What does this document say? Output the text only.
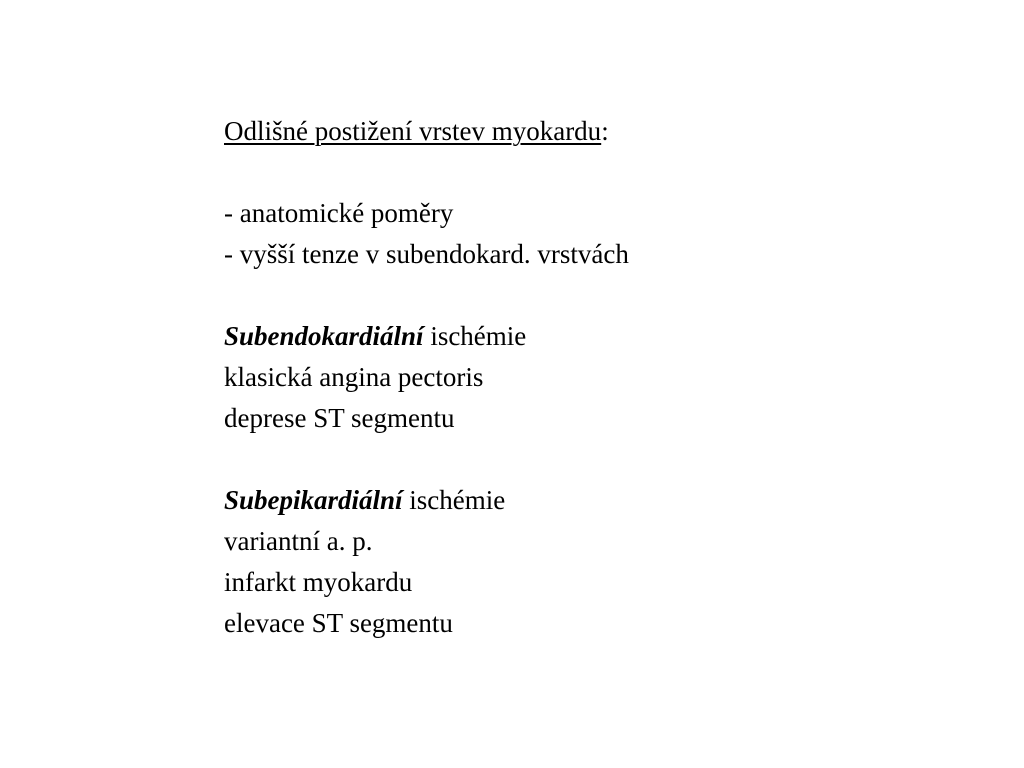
Odlišné postižení vrstev myokardu:
- anatomické poměry
- vyšší tenze v subendokard. vrstvách
Subendokardiální ischémie
klasická angina pectoris
deprese ST segmentu
Subepikardiální ischémie
variantní a. p.
infarkt myokardu
elevace ST segmentu
